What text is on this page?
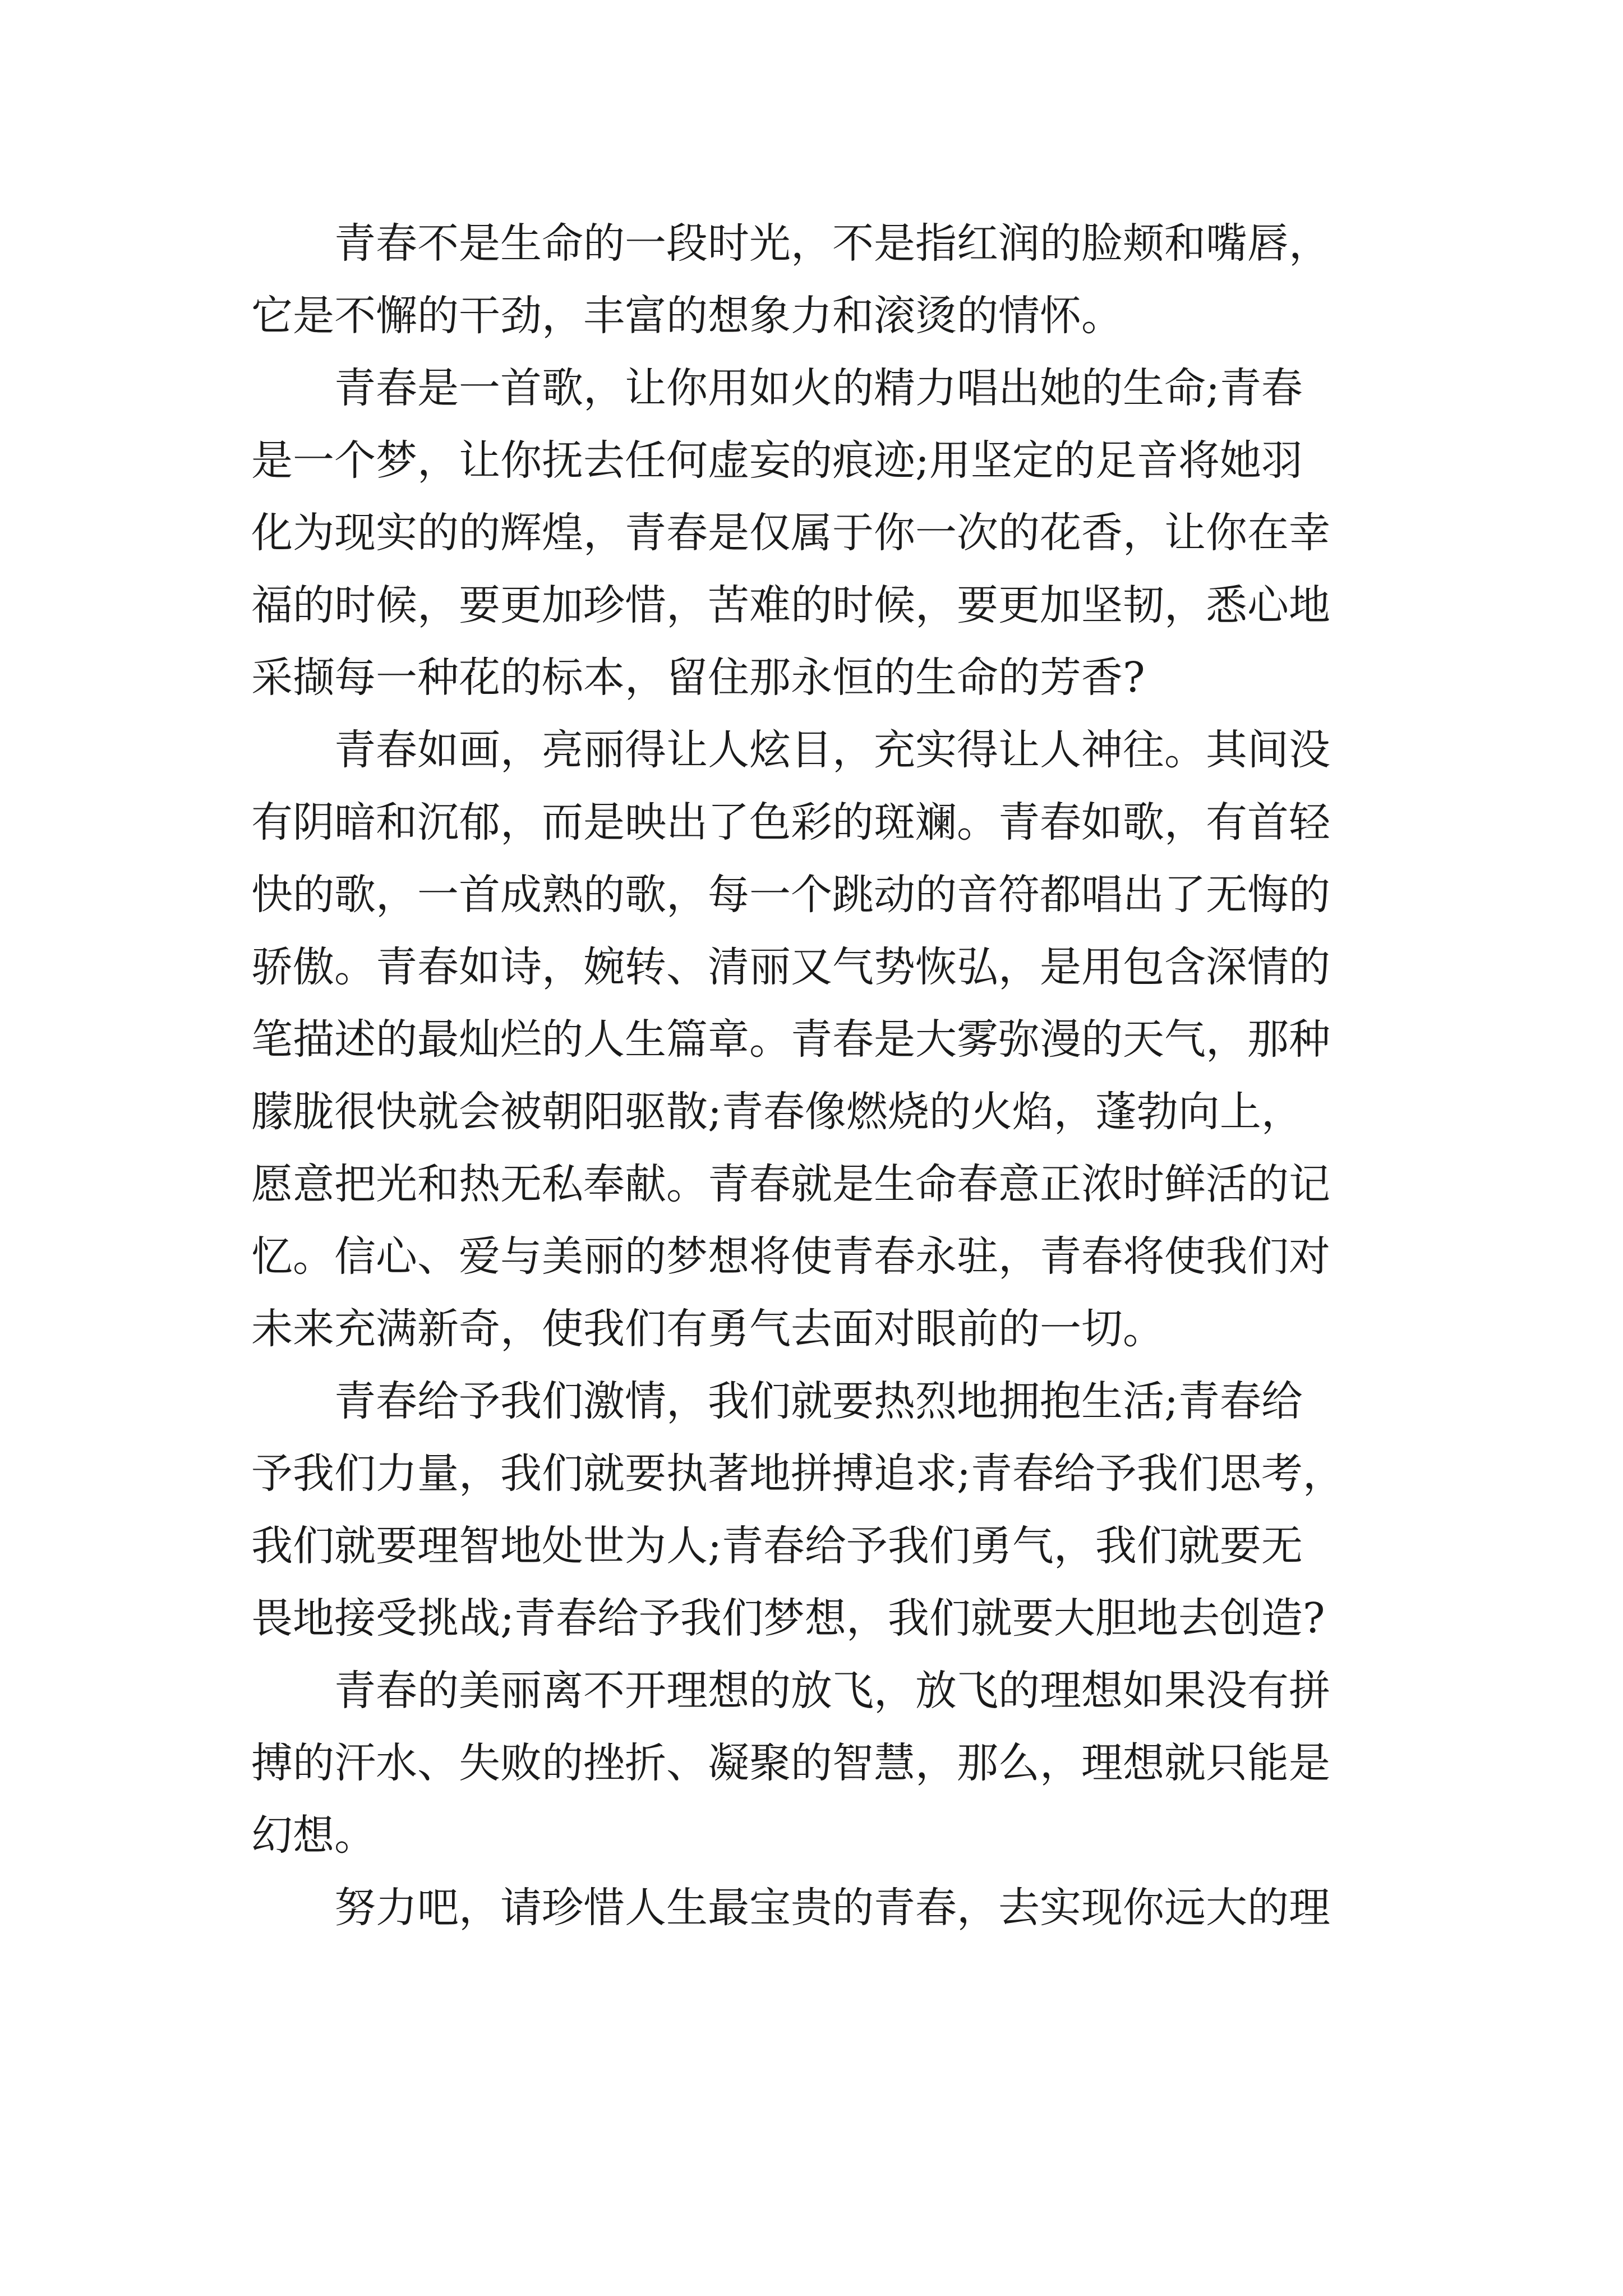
青春不是生命的一段时光，不是指红润的脸颊和嘴唇，
它是不懈的干劲，丰富的想象力和滚烫的情怀。
青春是一首歌，让你用如火的精力唱出她的生命;青春
是一个梦，让你抚去任何虚妄的痕迹;用坚定的足音将她羽
化为现实的的辉煌，青春是仅属于你一次的花香，让你在幸
福的时候，要更加珍惜，苦难的时候，要更加坚韧，悉心地
采撷每一种花的标本，留住那永恒的生命的芳香?
青春如画，亮丽得让人炫目，充实得让人神往。其间没
有阴暗和沉郁，而是映出了色彩的斑斓。青春如歌，有首轻
快的歌，一首成熟的歌，每一个跳动的音符都唱出了无悔的
骄傲。青春如诗，婉转、清丽又气势恢弘，是用包含深情的
笔描述的最灿烂的人生篇章。青春是大雾弥漫的天气，那种
朦胧很快就会被朝阳驱散;青春像燃烧的火焰，蓬勃向上，
愿意把光和热无私奉献。青春就是生命春意正浓时鲜活的记
忆。信心、爱与美丽的梦想将使青春永驻，青春将使我们对
未来充满新奇，使我们有勇气去面对眼前的一切。
青春给予我们激情，我们就要热烈地拥抱生活;青春给
予我们力量，我们就要执著地拼搏追求;青春给予我们思考，
我们就要理智地处世为人;青春给予我们勇气，我们就要无
畏地接受挑战;青春给予我们梦想，我们就要大胆地去创造?
青春的美丽离不开理想的放飞，放飞的理想如果没有拼
搏的汗水、失败的挫折、凝聚的智慧，那么，理想就只能是
幻想。
努力吧，请珍惜人生最宝贵的青春，去实现你远大的理
